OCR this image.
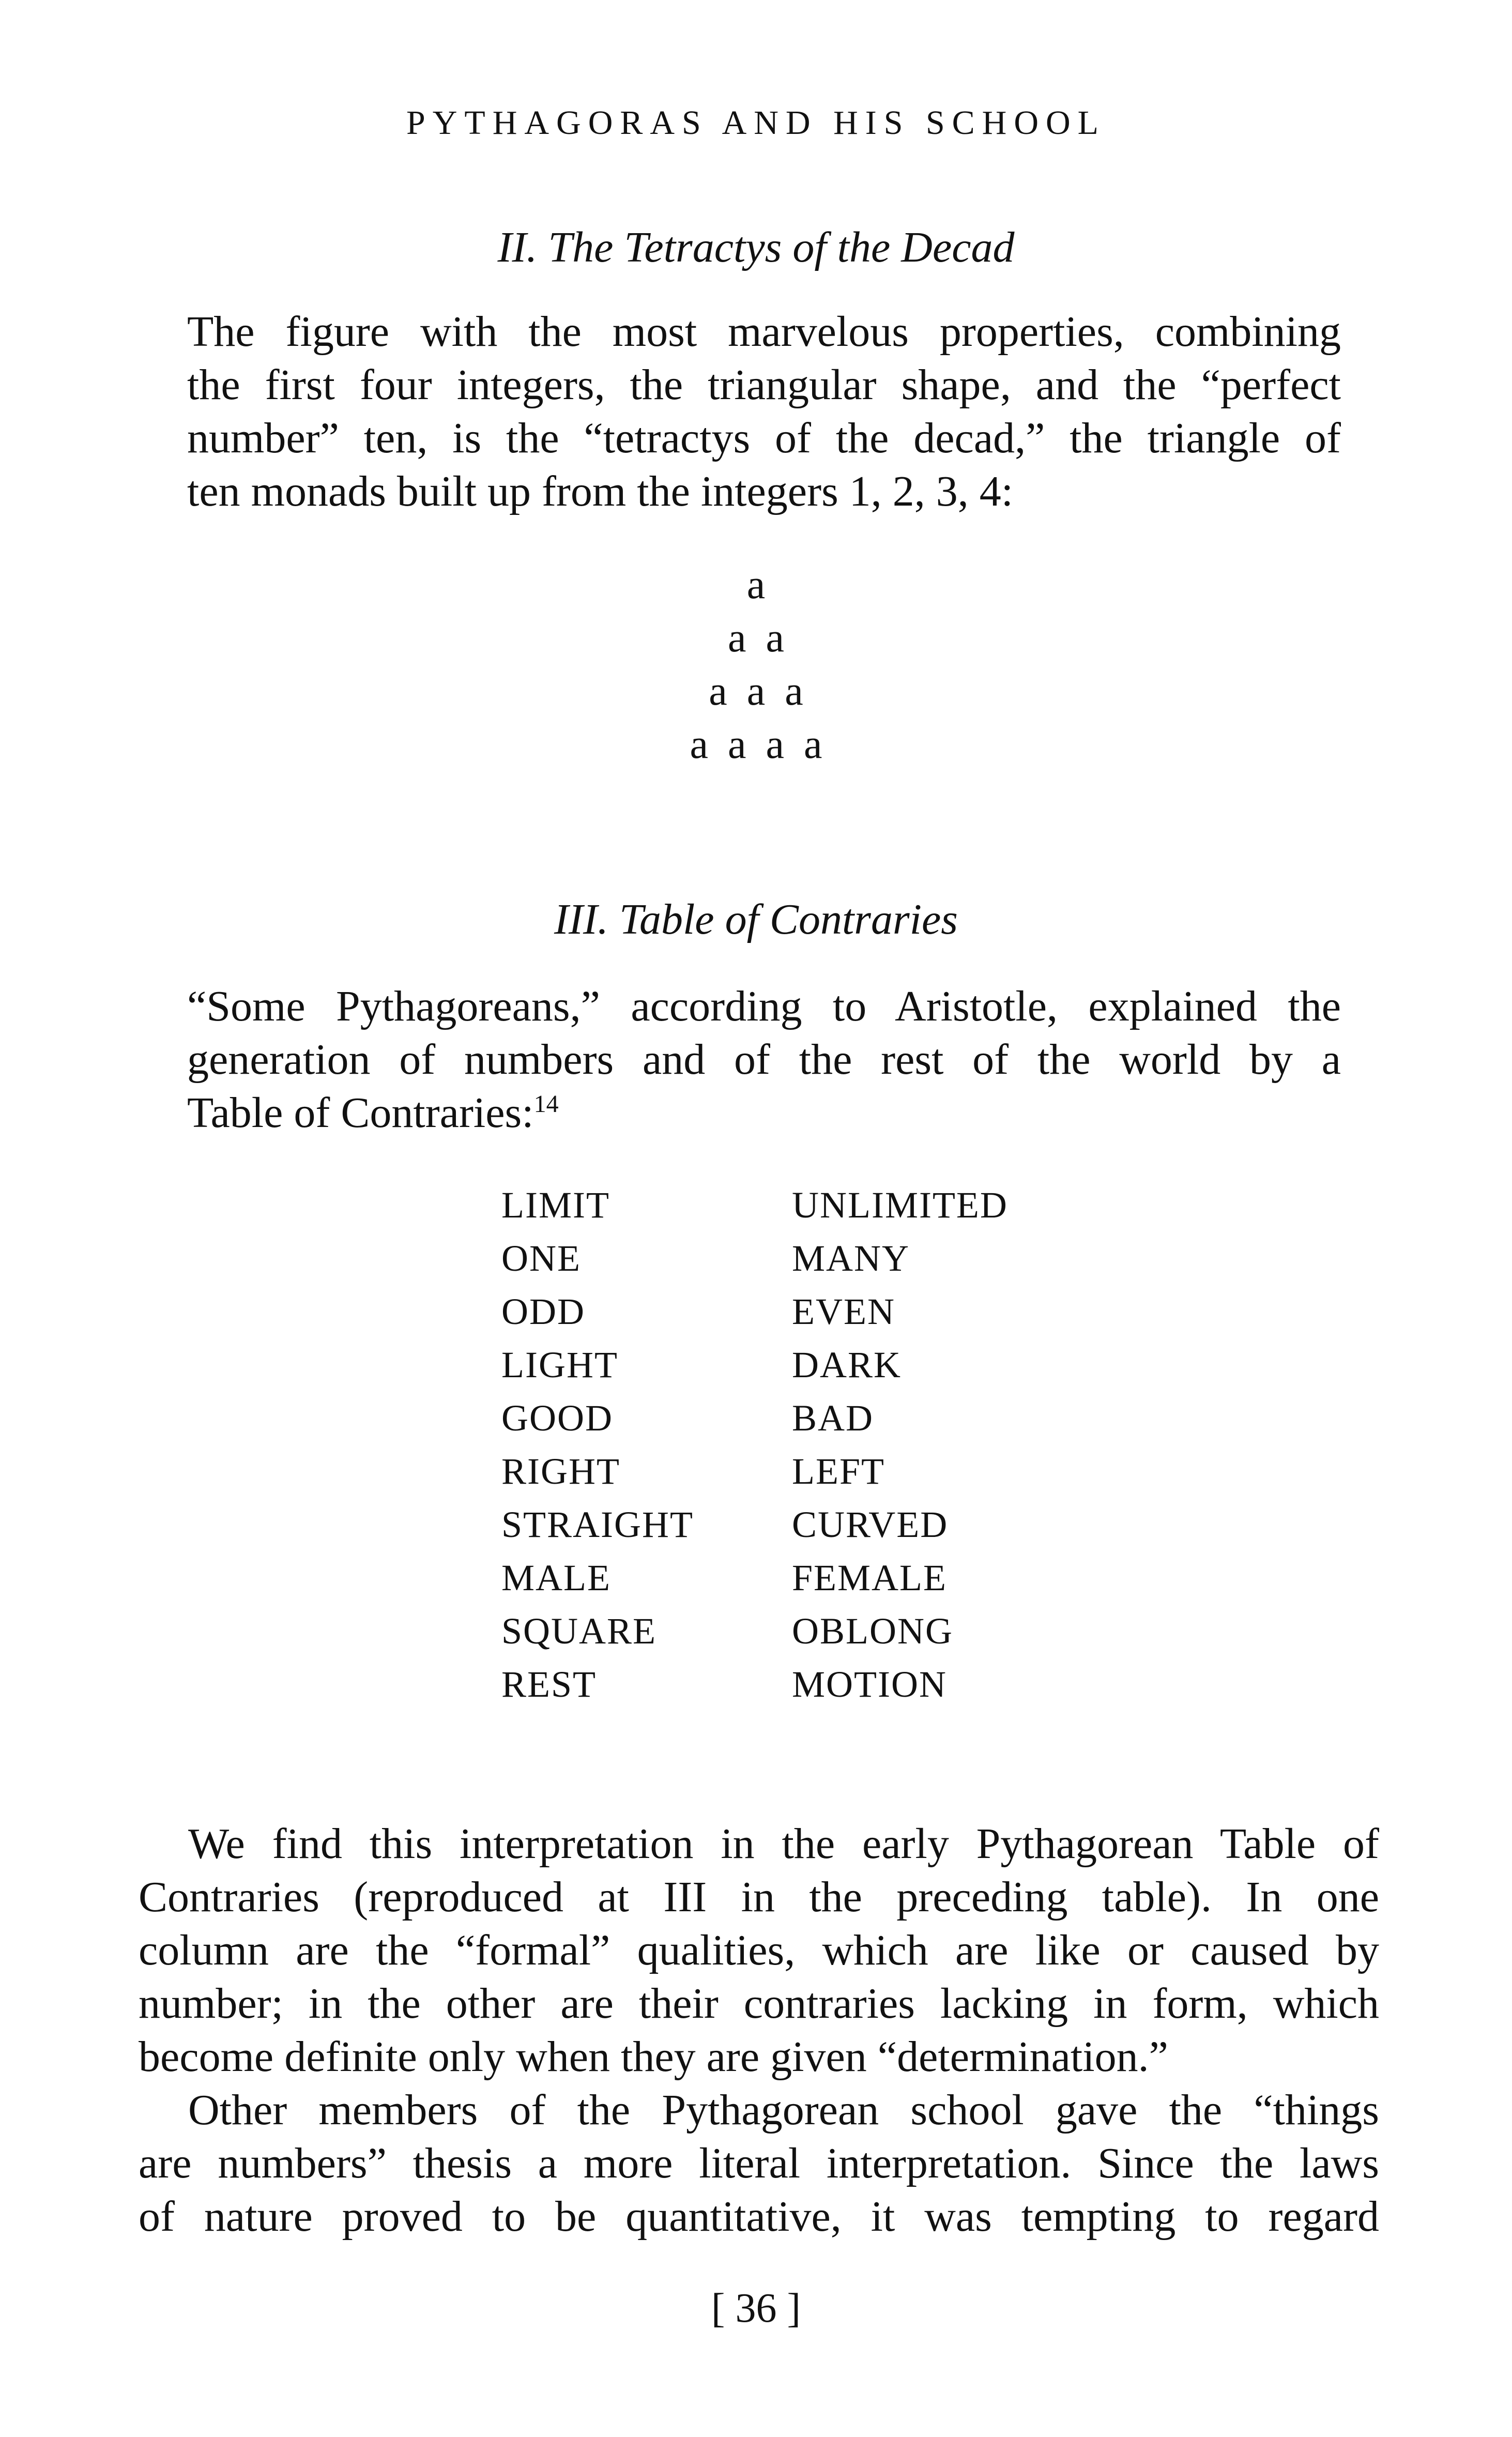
PYTHAGORAS AND HIS SCHOOL
II. The Tetractys of the Decad
The figure with the most marvelous properties, combining
the first four integers, the triangular shape, and the “perfect
number” ten, is the “tetractys of the decad,” the triangle of
ten monads built up from the integers 1, 2, 3, 4:
a
a a
a a a
a a a a
III. Table of Contraries
“Some Pythagoreans,” according to Aristotle, explained the
generation of numbers and of the rest of the world by a
Table of Contraries:$^{14}$
LIMIT	UNLIMITED
ONE	MANY
ODD	EVEN
LIGHT	DARK
GOOD	BAD
RIGHT	LEFT
STRAIGHT	CURVED
MALE	FEMALE
SQUARE	OBLONG
REST	MOTION
We find this interpretation in the early Pythagorean Table of
Contraries (reproduced at III in the preceding table). In one
column are the “formal” qualities, which are like or caused by
number; in the other are their contraries lacking in form, which
become definite only when they are given “determination.”
Other members of the Pythagorean school gave the “things
are numbers” thesis a more literal interpretation. Since the laws
of nature proved to be quantitative, it was tempting to regard
[ 36 ]
